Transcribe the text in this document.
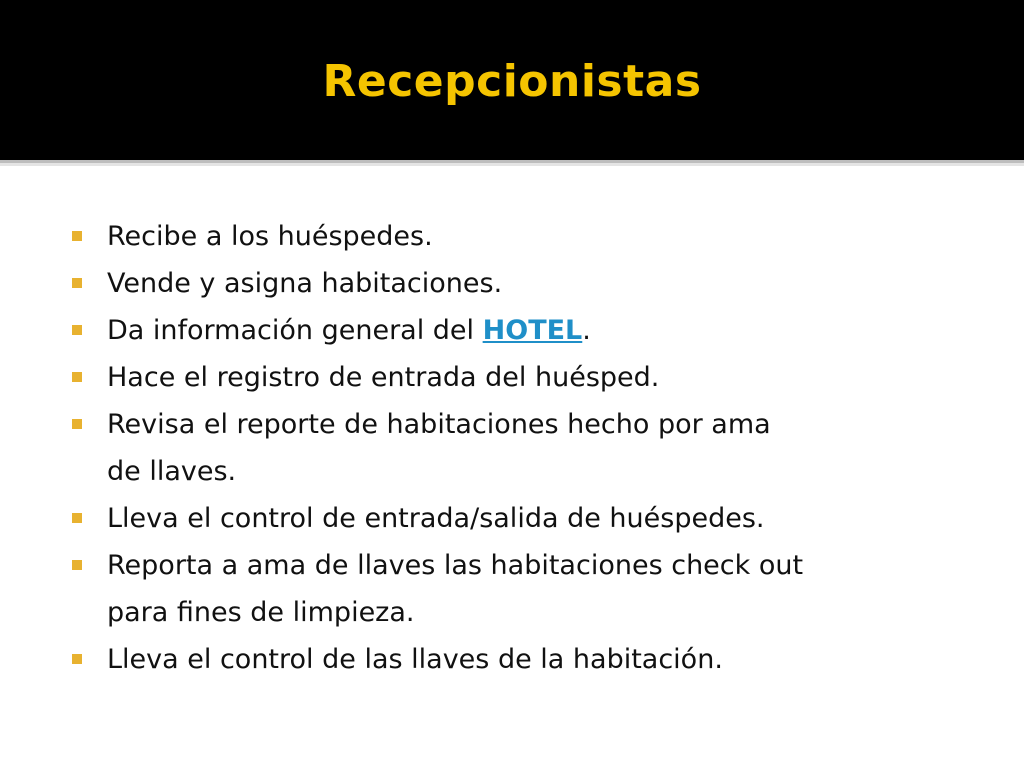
Recepcionistas
Recibe a los huéspedes.
Vende y asigna habitaciones.
Da información general del HOTEL.
Hace el registro de entrada del huésped.
Revisa el reporte de habitaciones hecho por ama
de llaves.
Lleva el control de entrada/salida de huéspedes.
Reporta a ama de llaves las habitaciones check out
para fines de limpieza.
Lleva el control de las llaves de la habitación.
